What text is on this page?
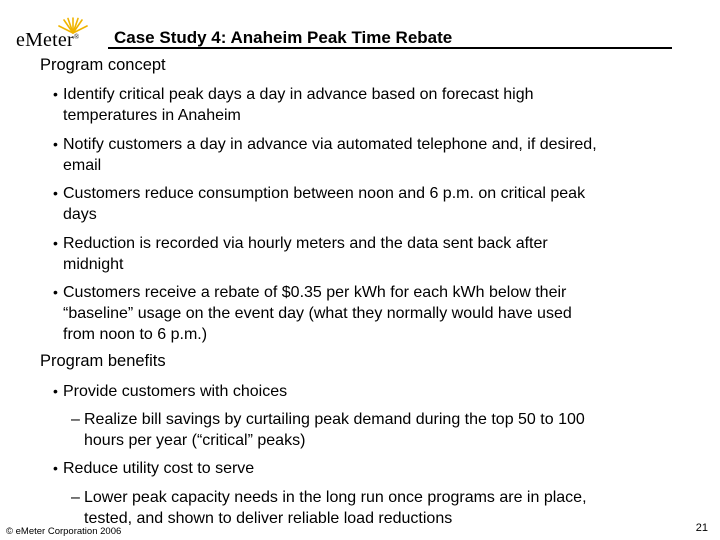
eMeter® Case Study 4: Anaheim Peak Time Rebate
Program concept
• Identify critical peak days a day in advance based on forecast high
temperatures in Anaheim
• Notify customers a day in advance via automated telephone and, if desired,
email
• Customers reduce consumption between noon and 6 p.m. on critical peak
days
• Reduction is recorded via hourly meters and the data sent back after
midnight
• Customers receive a rebate of $0.35 per kWh for each kWh below their
“baseline” usage on the event day (what they normally would have used
from noon to 6 p.m.)
Program benefits
• Provide customers with choices
– Realize bill savings by curtailing peak demand during the top 50 to 100
hours per year (“critical” peaks)
• Reduce utility cost to serve
– Lower peak capacity needs in the long run once programs are in place,
tested, and shown to deliver reliable load reductions
© eMeter Corporation 2006	21
